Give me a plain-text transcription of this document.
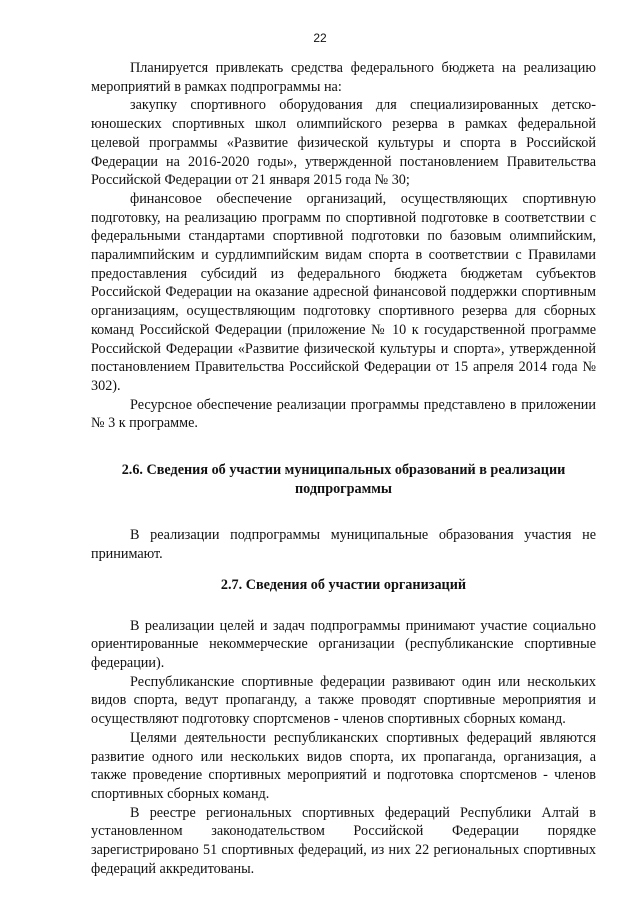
22

Планируется привлекать средства федерального бюджета на реализацию мероприятий в рамках подпрограммы на:

закупку спортивного оборудования для специализированных детско-юношеских спортивных школ олимпийского резерва в рамках федеральной целевой программы «Развитие физической культуры и спорта в Российской Федерации на 2016-2020 годы», утвержденной постановлением Правительства Российской Федерации от 21 января 2015 года № 30;

финансовое обеспечение организаций, осуществляющих спортивную подготовку, на реализацию программ по спортивной подготовке в соответствии с федеральными стандартами спортивной подготовки по базовым олимпийским, паралимпийским и сурдлимпийским видам спорта в соответствии с Правилами предоставления субсидий из федерального бюджета бюджетам субъектов Российской Федерации на оказание адресной финансовой поддержки спортивным организациям, осуществляющим подготовку спортивного резерва для сборных команд Российской Федерации (приложение № 10 к государственной программе Российской Федерации «Развитие физической культуры и спорта», утвержденной постановлением Правительства Российской Федерации от 15 апреля 2014 года № 302).

Ресурсное обеспечение реализации программы представлено в приложении № 3 к программе.

2.6. Сведения об участии муниципальных образований в реализации
подпрограммы

В реализации подпрограммы муниципальные образования участия не принимают.

2.7. Сведения об участии организаций

В реализации целей и задач подпрограммы принимают участие социально ориентированные некоммерческие организации (республиканские спортивные федерации).

Республиканские спортивные федерации развивают один или нескольких видов спорта, ведут пропаганду, а также проводят спортивные мероприятия и осуществляют подготовку спортсменов - членов спортивных сборных команд.

Целями деятельности республиканских спортивных федераций являются развитие одного или нескольких видов спорта, их пропаганда, организация, а также проведение спортивных мероприятий и подготовка спортсменов - членов спортивных сборных команд.

В реестре региональных спортивных федераций Республики Алтай в установленном законодательством Российской Федерации порядке зарегистрировано 51 спортивных федераций, из них 22 региональных спортивных федераций аккредитованы.
